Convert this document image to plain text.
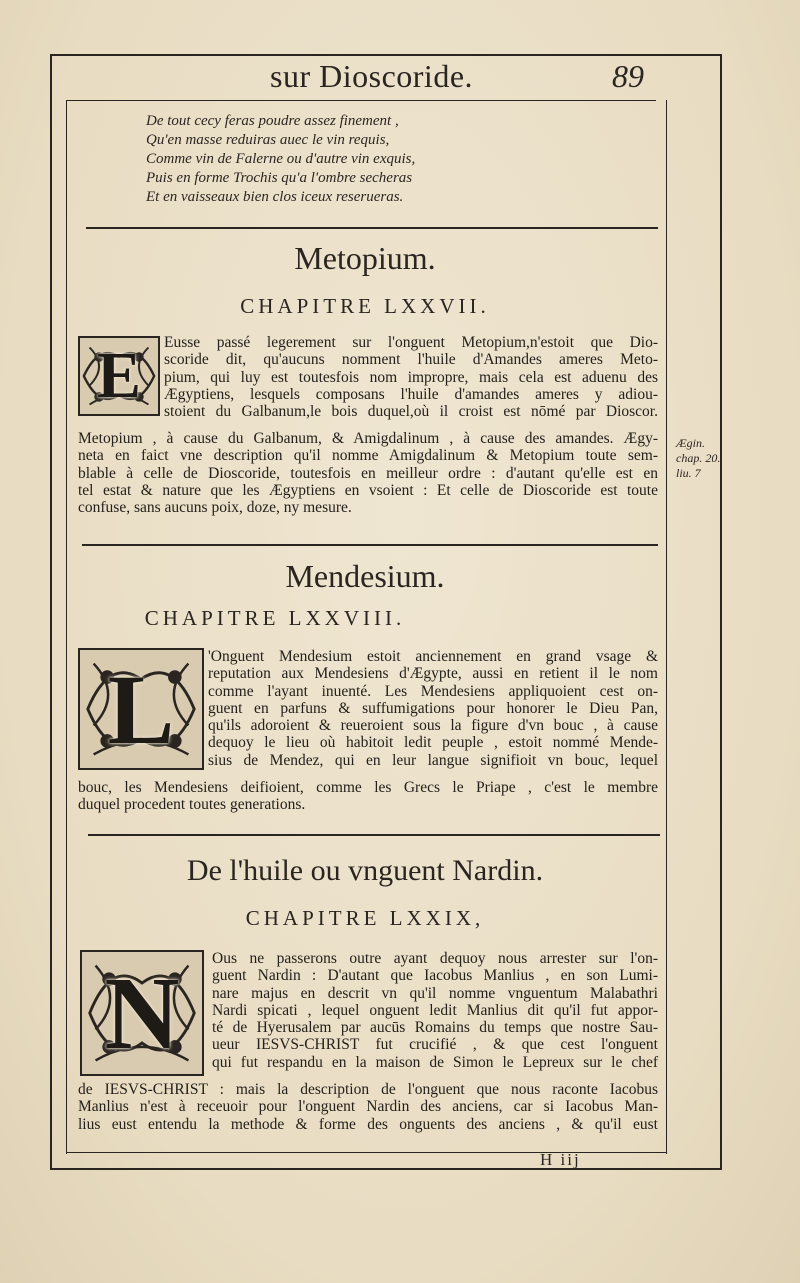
sur Dioscoride.	89
De tout cecy feras poudre assez finement ,
Qu'en masse reduiras auec le vin requis,
Comme vin de Falerne ou d'autre vin exquis,
Puis en forme Trochis qu'a l'ombre secheras
Et en vaisseaux bien clos iceux reserueras.
Metopium.
CHAPITRE LXXVII.
E	Eusse passé legerement sur l'onguent Metopium,n'estoit que Dio-
scoride dit, qu'aucuns nomment l'huile d'Amandes ameres Meto-
pium, qui luy est toutesfois nom impropre, mais cela est aduenu des
Ægyptiens, lesquels composans l'huile d'amandes ameres y adiou-
stoient du Galbanum,le bois duquel,où il croist est nōmé par Dioscor.
Metopium , à cause du Galbanum, & Amigdalinum , à cause des amandes. Ægy-
neta en faict vne description qu'il nomme Amigdalinum & Metopium toute sem-
blable à celle de Dioscoride, toutesfois en meilleur ordre : d'autant qu'elle est en
tel estat & nature que les Ægyptiens en vsoient : Et celle de Dioscoride est toute
confuse, sans aucuns poix, doze, ny mesure.
Ægin.
chap. 20.
liu. 7
Mendesium.
CHAPITRE LXXVIII.
L	'Onguent Mendesium estoit anciennement en grand vsage &
reputation aux Mendesiens d'Ægypte, aussi en retient il le nom
comme l'ayant inuenté. Les Mendesiens appliquoient cest on-
guent en parfuns & suffumigations pour honorer le Dieu Pan,
qu'ils adoroient & reueroient sous la figure d'vn bouc , à cause
dequoy le lieu où habitoit ledit peuple , estoit nommé Mende-
sius de Mendez, qui en leur langue signifioit vn bouc, lequel
bouc, les Mendesiens deifioient, comme les Grecs le Priape , c'est le membre
duquel procedent toutes generations.
De l'huile ou vnguent Nardin.
CHAPITRE LXXIX,
N	Ous ne passerons outre ayant dequoy nous arrester sur l'on-
guent Nardin : D'autant que Iacobus Manlius , en son Lumi-
nare majus en descrit vn qu'il nomme vnguentum Malabathri
Nardi spicati , lequel onguent ledit Manlius dit qu'il fut appor-
té de Hyerusalem par aucūs Romains du temps que nostre Sau-
ueur IESVS-CHRIST fut crucifié , & que cest l'onguent
qui fut respandu en la maison de Simon le Lepreux sur le chef
de IESVS-CHRIST : mais la description de l'onguent que nous raconte Iacobus
Manlius n'est à receuoir pour l'onguent Nardin des anciens, car si Iacobus Man-
lius eust entendu la methode & forme des onguents des anciens , & qu'il eust
H iij
